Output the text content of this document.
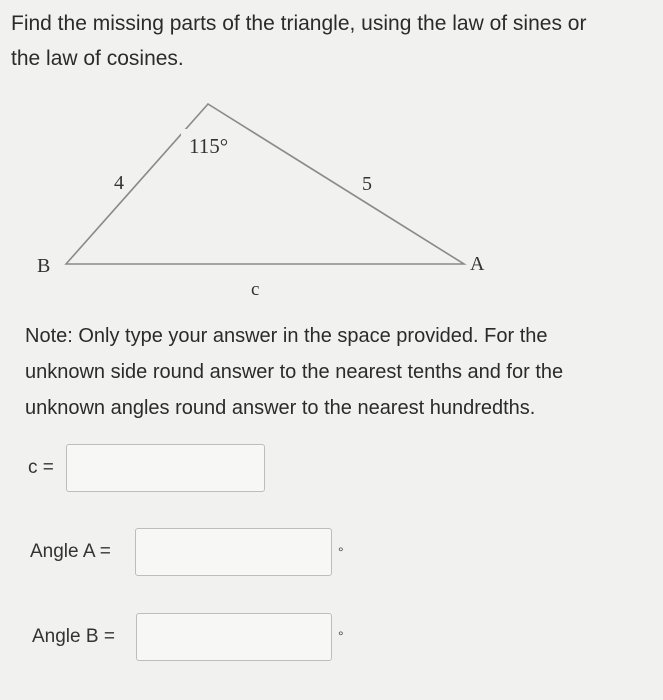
Find the missing parts of the triangle, using the law of sines or
the law of cosines.
115°
4	5
B	A
c
Note: Only type your answer in the space provided. For the
unknown side round answer to the nearest tenths and for the
unknown angles round answer to the nearest hundredths.
c =
Angle A =	°
Angle B =	°
